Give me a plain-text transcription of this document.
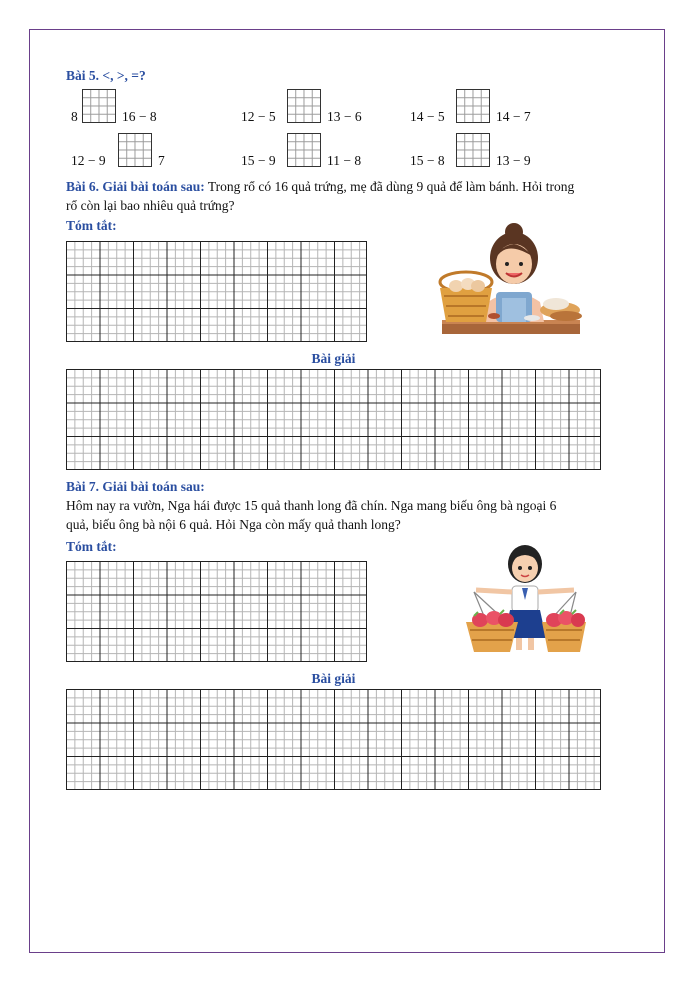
Bài 5. <, >, =?
8	16 − 8	12 − 5	13 − 6	14 − 5	14 − 7
12 − 9	7	15 − 9	11 − 8	15 − 8	13 − 9
Bài 6. Giải bài toán sau: Trong rổ có 16 quả trứng, mẹ đã dùng 9 quả để làm bánh. Hỏi trong
rổ còn lại bao nhiêu quả trứng?
Tóm tắt:
Bài giải
Bài 7. Giải bài toán sau:
Hôm nay ra vườn, Nga hái được 15 quả thanh long đã chín. Nga mang biếu ông bà ngoại 6
quả, biếu ông bà nội 6 quả. Hỏi Nga còn mấy quả thanh long?
Tóm tắt:
Bài giải
